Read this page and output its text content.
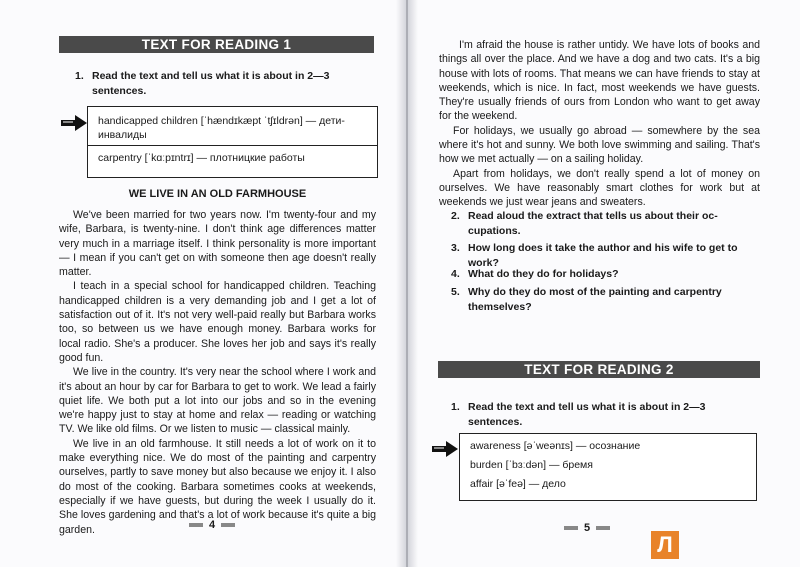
TEXT FOR READING 1
1. Read the text and tell us what it is about in 2—3 sentences.
handicapped children [ˈhændɪkæpt ˈtʃɪldrən] — дети-инвалиды
carpentry [ˈkɑːpɪntrɪ] — плотницкие работы
WE LIVE IN AN OLD FARMHOUSE

We've been married for two years now. I'm twenty-four and my wife, Barbara, is twenty-nine. I don't think age differences matter very much in a marriage itself. I think personality is more important — I mean if you can't get on with someone then age doesn't really matter.

I teach in a special school for handicapped children. Teaching handicapped children is a very demanding job and I get a lot of satisfaction out of it. It's not very well-paid really but Barbara works too, so between us we have enough money. Barbara works for local radio. She's a producer. She loves her job and says it's really good fun.

We live in the country. It's very near the school where I work and it's about an hour by car for Barbara to get to work. We lead a fairly quiet life. We both put a lot into our jobs and so in the evening we're happy just to stay at home and relax — reading or watching TV. We like old films. Or we listen to music — classical mainly.

We live in an old farmhouse. It still needs a lot of work on it to make everything nice. We do most of the painting and carpentry ourselves, partly to save money but also because we enjoy it. I also do most of the cooking. Barbara sometimes cooks at weekends, especially if we have guests, but during the week I usually do it. She loves gardening and that's a lot of work because it's quite a big garden.	4

I'm afraid the house is rather untidy. We have lots of books and things all over the place. And we have a dog and two cats. It's a big house with lots of rooms. That means we can have friends to stay at weekends, which is nice. In fact, most weekends we have guests. They're usually friends of ours from London who want to get away for the weekend.

For holidays, we usually go abroad — somewhere by the sea where it's hot and sunny. We both love swimming and sailing. That's how we met actually — on a sailing holiday.

Apart from holidays, we don't really spend a lot of money on ourselves. We have reasonably smart clothes for work but at weekends we just wear jeans and sweaters.

2. Read aloud the extract that tells us about their oc- cupations.
3. How long does it take the author and his wife to get to work?
4. What do they do for holidays?
5. Why do they do most of the painting and carpentry themselves?
TEXT FOR READING 2
1. Read the text and tell us what it is about in 2—3 sentences.
awareness [əˈweənɪs] — осознание
burden [ˈbɜːdən] — бремя
affair [əˈfeə] — дело
5
Л
